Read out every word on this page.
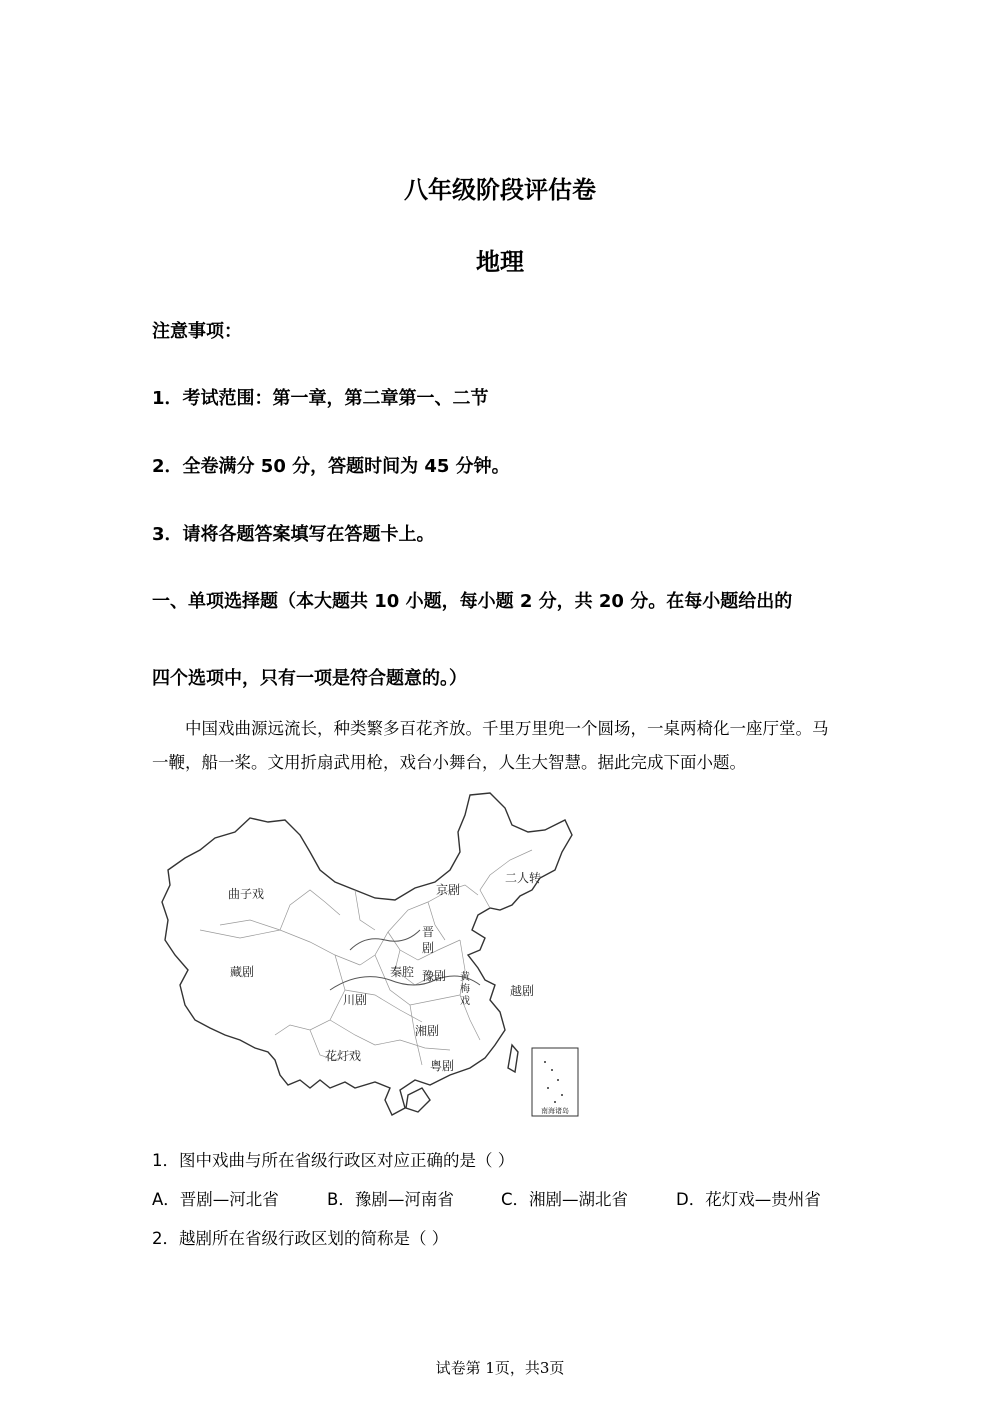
八年级阶段评估卷
地理
注意事项：
1．考试范围：第一章，第二章第一、二节
2．全卷满分 50 分，答题时间为 45 分钟。
3．请将各题答案填写在答题卡上。
一、单项选择题（本大题共 10 小题，每小题 2 分，共 20 分。在每小题给出的
四个选项中，只有一项是符合题意的。）
中国戏曲源远流长，种类繁多百花齐放。千里万里兜一个圆场，一桌两椅化一座厅堂。马一鞭，船一桨。文用折扇武用枪，戏台小舞台，人生大智慧。据此完成下面小题。
南海诸岛
曲子戏
藏剧
京剧
二人转
晋
剧
秦腔 豫剧 黄
梅
戏
川剧
越剧
湘剧
花灯戏
粤剧
1．图中戏曲与所在省级行政区对应正确的是（ ）
A．晋剧—河北省	B．豫剧—河南省	C．湘剧—湖北省	D．花灯戏—贵州省
2．越剧所在省级行政区划的简称是（ ）
试卷第 1页，共3页
